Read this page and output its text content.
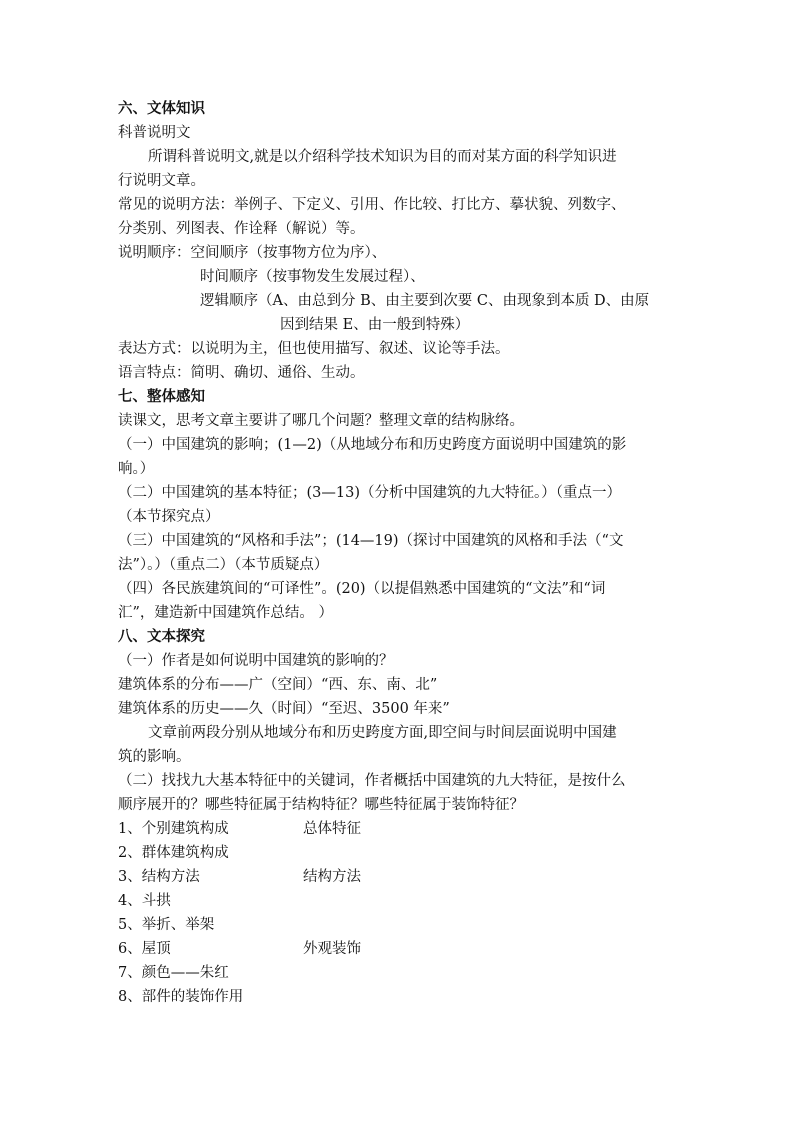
六、文体知识
科普说明文
所谓科普说明文,就是以介绍科学技术知识为目的而对某方面的科学知识进
行说明文章。
常见的说明方法：举例子、下定义、引用、作比较、打比方、摹状貌、列数字、
分类别、列图表、作诠释（解说）等。
说明顺序：空间顺序（按事物方位为序）、
时间顺序（按事物发生发展过程）、
逻辑顺序（A、由总到分 B、由主要到次要 C、由现象到本质 D、由原
因到结果 E、由一般到特殊）
表达方式：以说明为主，但也使用描写、叙述、议论等手法。
语言特点：简明、确切、通俗、生动。
七、整体感知
读课文，思考文章主要讲了哪几个问题？整理文章的结构脉络。
（一）中国建筑的影响；(1—2)（从地域分布和历史跨度方面说明中国建筑的影
响。）
（二）中国建筑的基本特征；(3—13)（分析中国建筑的九大特征。）（重点一）
（本节探究点）
（三）中国建筑的“风格和手法”；(14—19)（探讨中国建筑的风格和手法（“文
法”）。）（重点二）（本节质疑点）
（四）各民族建筑间的“可译性”。(20)（以提倡熟悉中国建筑的“文法”和“词
汇”，建造新中国建筑作总结。 ）
八、文本探究
（一）作者是如何说明中国建筑的影响的？
建筑体系的分布——广（空间）“西、东、南、北”
建筑体系的历史——久（时间）“至迟、3500 年来”
文章前两段分别从地域分布和历史跨度方面,即空间与时间层面说明中国建
筑的影响。
（二）找找九大基本特征中的关键词，作者概括中国建筑的九大特征，是按什么
顺序展开的？哪些特征属于结构特征？哪些特征属于装饰特征？
1、个别建筑构成	总体特征
2、群体建筑构成
3、结构方法	结构方法
4、斗拱
5、举折、举架
6、屋顶	外观装饰
7、颜色——朱红
8、部件的装饰作用
